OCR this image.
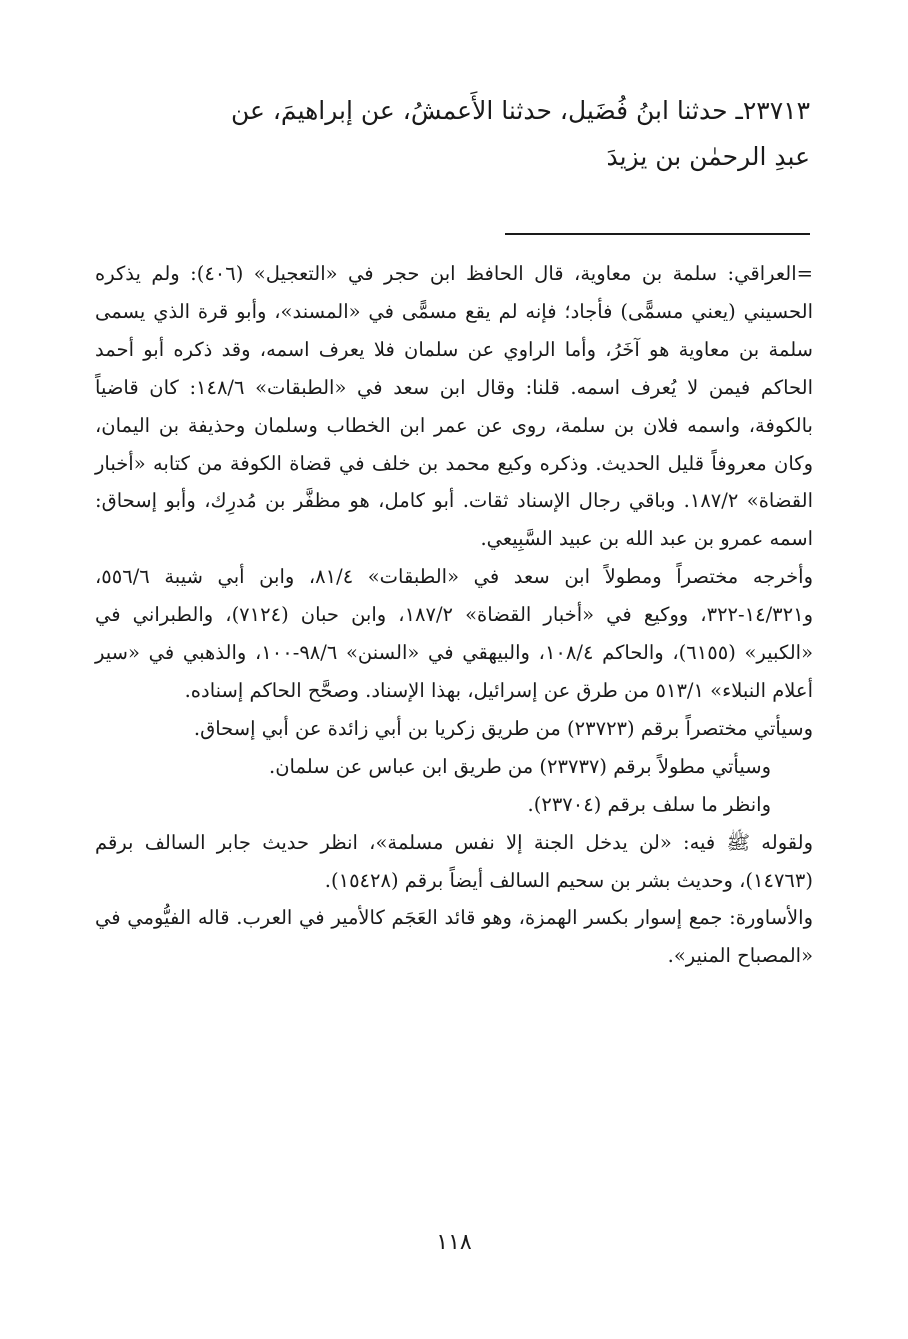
٢٣٧١٣ـ حدثنا ابنُ فُضَيل، حدثنا الأَعمشُ، عن إبراهيمَ، عن

عبدِ الرحمٰن بن يزيدَ

=العراقي: سلمة بن معاوية، قال الحافظ ابن حجر في «التعجيل» (٤٠٦): ولم يذكره الحسيني (يعني مسمًّى) فأجاد؛ فإنه لم يقع مسمًّى في «المسند»، وأبو قرة الذي يسمى سلمة بن معاوية هو آخَرُ، وأما الراوي عن سلمان فلا يعرف اسمه، وقد ذكره أبو أحمد الحاكم فيمن لا يُعرف اسمه. قلنا: وقال ابن سعد في «الطبقات» ١٤٨/٦: كان قاضياً بالكوفة، واسمه فلان بن سلمة، روى عن عمر ابن الخطاب وسلمان وحذيفة بن اليمان، وكان معروفاً قليل الحديث. وذكره وكيع محمد بن خلف في قضاة الكوفة من كتابه «أخبار القضاة» ١٨٧/٢. وباقي رجال الإسناد ثقات. أبو كامل، هو مظفَّر بن مُدرِك، وأبو إسحاق: اسمه عمرو بن عبد الله بن عبيد السَّبِيعي.

وأخرجه مختصراً ومطولاً ابن سعد في «الطبقات» ٨١/٤، وابن أبي شيبة ٥٥٦/٦، و١٤/٣٢١-٣٢٢، ووكيع في «أخبار القضاة» ١٨٧/٢، وابن حبان (٧١٢٤)، والطبراني في «الكبير» (٦١٥٥)، والحاكم ١٠٨/٤، والبيهقي في «السنن» ٩٨/٦-١٠٠، والذهبي في «سير أعلام النبلاء» ٥١٣/١ من طرق عن إسرائيل، بهذا الإسناد. وصحَّح الحاكم إسناده.

وسيأتي مختصراً برقم (٢٣٧٢٣) من طريق زكريا بن أبي زائدة عن أبي إسحاق.

وسيأتي مطولاً برقم (٢٣٧٣٧) من طريق ابن عباس عن سلمان.

وانظر ما سلف برقم (٢٣٧٠٤).

ولقوله ﷺ فيه: «لن يدخل الجنة إلا نفس مسلمة»، انظر حديث جابر السالف برقم (١٤٧٦٣)، وحديث بشر بن سحيم السالف أيضاً برقم (١٥٤٢٨).

والأساورة: جمع إسوار بكسر الهمزة، وهو قائد العَجَم كالأمير في العرب. قاله الفيُّومي في «المصباح المنير».

١١٨
